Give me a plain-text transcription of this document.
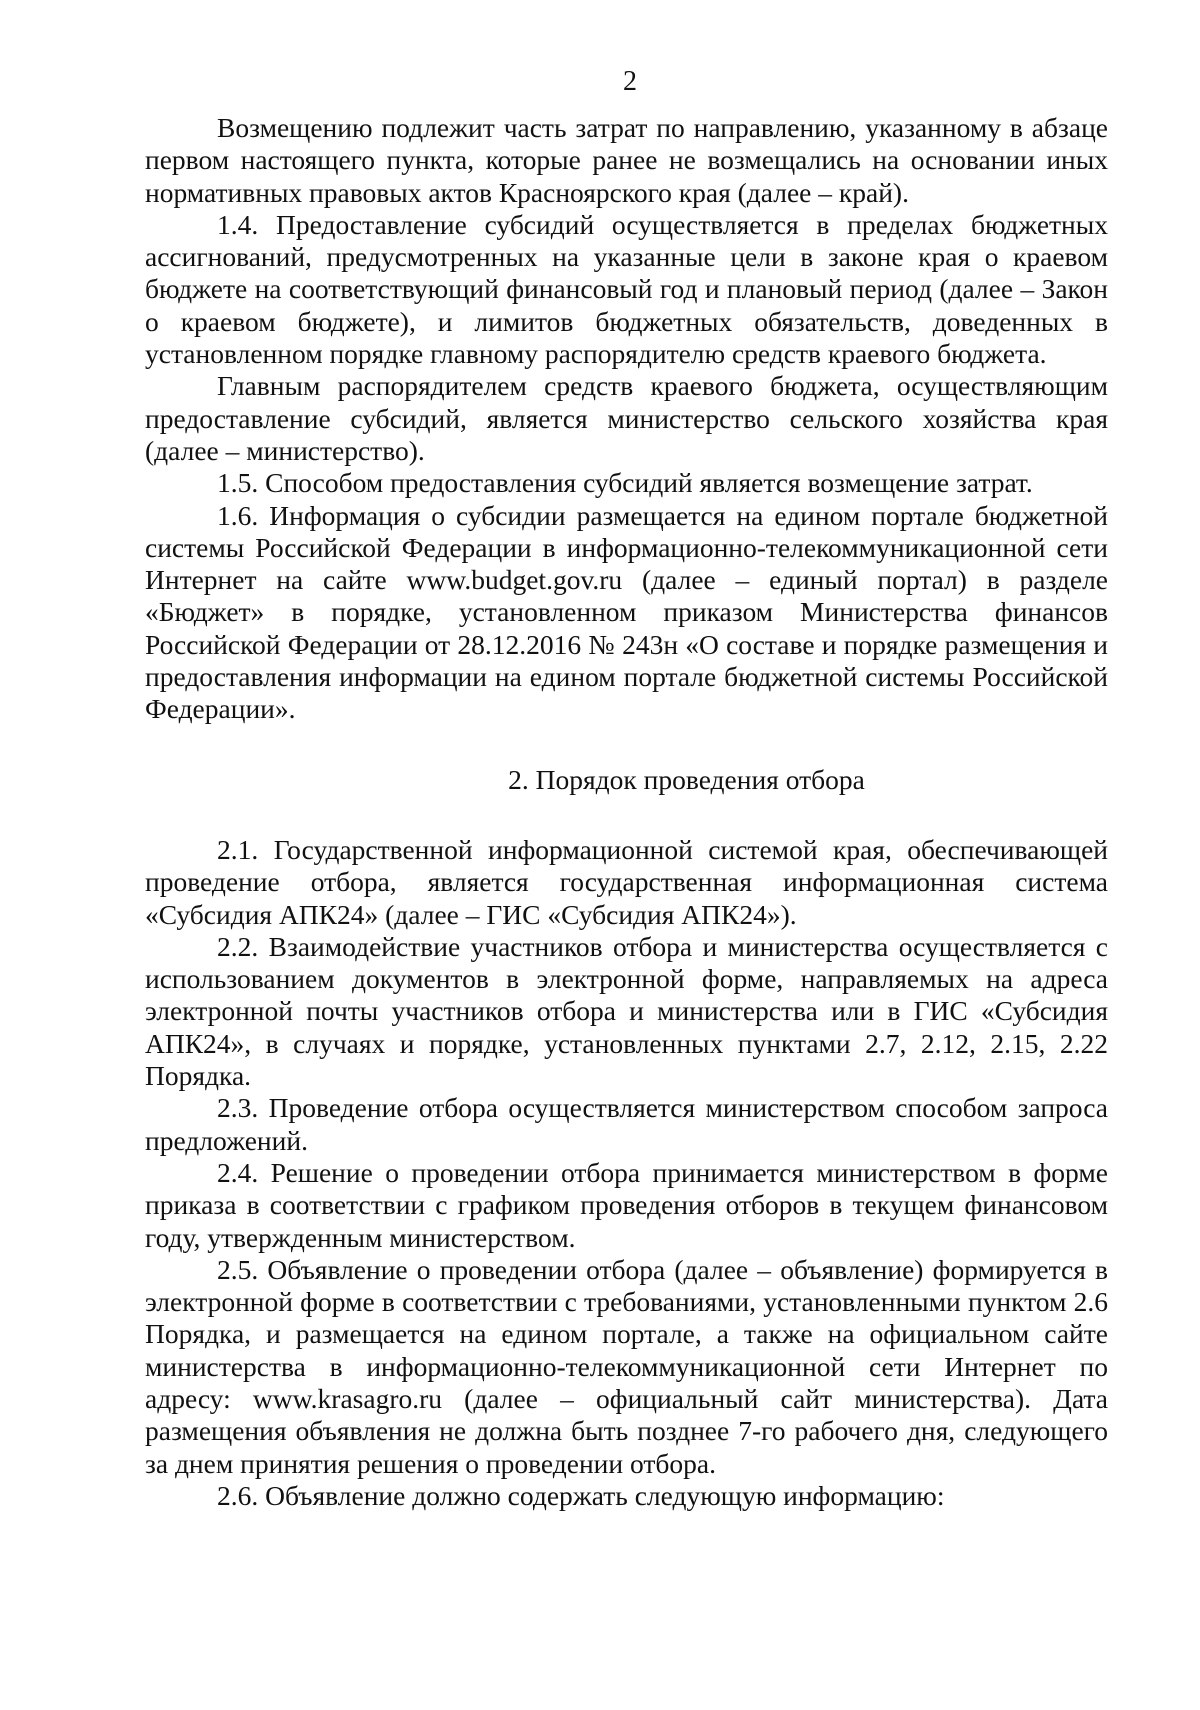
2

Возмещению подлежит часть затрат по направлению, указанному в абзаце первом настоящего пункта, которые ранее не возмещались на основании иных нормативных правовых актов Красноярского края (далее – край).

1.4. Предоставление субсидий осуществляется в пределах бюджетных ассигнований, предусмотренных на указанные цели в законе края о краевом бюджете на соответствующий финансовый год и плановый период (далее – Закон о краевом бюджете), и лимитов бюджетных обязательств, доведенных в установленном порядке главному распорядителю средств краевого бюджета.

Главным распорядителем средств краевого бюджета, осуществляющим предоставление субсидий, является министерство сельского хозяйства края (далее – министерство).

1.5. Способом предоставления субсидий является возмещение затрат.

1.6. Информация о субсидии размещается на едином портале бюджетной системы Российской Федерации в информационно-телекоммуникационной сети Интернет на сайте www.budget.gov.ru (далее – единый портал) в разделе «Бюджет» в порядке, установленном приказом Министерства финансов Российской Федерации от 28.12.2016 № 243н «О составе и порядке размещения и предоставления информации на едином портале бюджетной системы Российской Федерации».

2. Порядок проведения отбора

2.1. Государственной информационной системой края, обеспечивающей проведение отбора, является государственная информационная система «Субсидия АПК24» (далее – ГИС «Субсидия АПК24»).

2.2. Взаимодействие участников отбора и министерства осуществляется с использованием документов в электронной форме, направляемых на адреса электронной почты участников отбора и министерства или в ГИС «Субсидия АПК24», в случаях и порядке, установленных пунктами 2.7, 2.12, 2.15, 2.22 Порядка.

2.3. Проведение отбора осуществляется министерством способом запроса предложений.

2.4. Решение о проведении отбора принимается министерством в форме приказа в соответствии с графиком проведения отборов в текущем финансовом году, утвержденным министерством.

2.5. Объявление о проведении отбора (далее – объявление) формируется в электронной форме в соответствии с требованиями, установленными пунктом 2.6 Порядка, и размещается на едином портале, а также на официальном сайте министерства в информационно-телекоммуникационной сети Интернет по адресу: www.krasagro.ru (далее – официальный сайт министерства). Дата размещения объявления не должна быть позднее 7-го рабочего дня, следующего за днем принятия решения о проведении отбора.

2.6. Объявление должно содержать следующую информацию:
